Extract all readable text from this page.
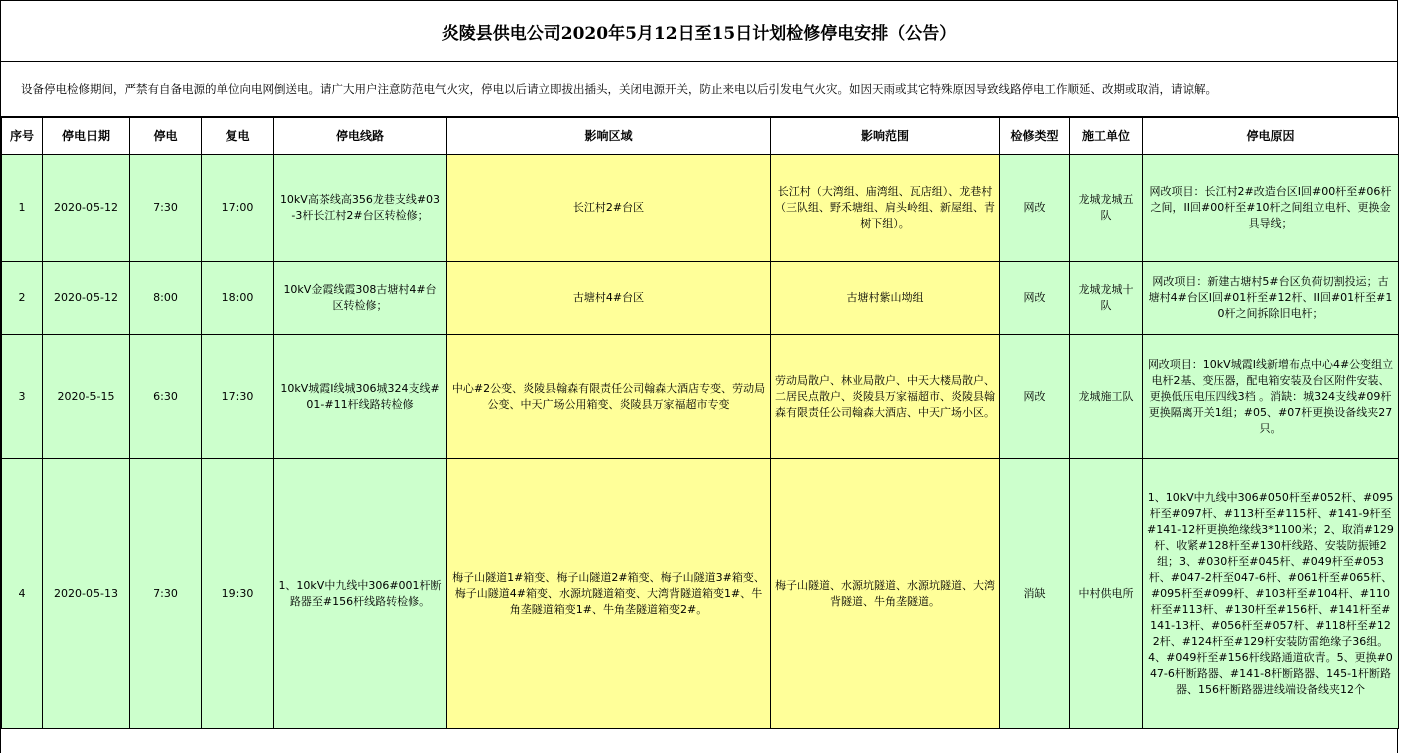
炎陵县供电公司2020年5月12日至15日计划检修停电安排（公告）
设备停电检修期间，严禁有自备电源的单位向电网倒送电。请广大用户注意防范电气火灾，停电以后请立即拔出插头，关闭电源开关，防止来电以后引发电气火灾。如因天雨或其它特殊原因导致线路停电工作顺延、改期或取消，请谅解。
序号	停电日期	停电	复电	停电线路	影响区域	影响范围	检修类型	施工单位	停电原因
1	2020-05-12	7:30	17:00	10kV高茶线高356龙巷支线#03-3杆长江村2#台区转检修；	长江村2#台区	长江村（大湾组、庙湾组、瓦店组）、龙巷村（三队组、野禾塘组、肩头岭组、新屋组、青树下组）。	网改	龙城龙城五队	网改项目：长江村2#改造台区I回#00杆至#06杆之间，II回#00杆至#10杆之间组立电杆、更换金具导线；
2	2020-05-12	8:00	18:00	10kV金霞线霞308古塘村4#台区转检修；	古塘村4#台区	古塘村紫山坳组	网改	龙城龙城十队	网改项目：新建古塘村5#台区负荷切割投运；古塘村4#台区I回#01杆至#12杆、II回#01杆至#10杆之间拆除旧电杆；
3	2020-5-15	6:30	17:30	10kV城霞I线城306城324支线#01-#11杆线路转检修	中心#2公变、炎陵县翰森有限责任公司翰森大酒店专变、劳动局公变、中天广场公用箱变、炎陵县万家福超市专变	劳动局散户、林业局散户、中天大楼局散户、二居民点散户、炎陵县万家福超市、炎陵县翰森有限责任公司翰森大酒店、中天广场小区。	网改	龙城施工队	网改项目：10kV城霞I线新增布点中心4#公变组立电杆2基、变压器，配电箱安装及台区附件安装、更换低压电压四线3档 。消缺：城324支线#09杆更换隔离开关1组；#05、#07杆更换设备线夹27只。
4	2020-05-13	7:30	19:30	1、10kV中九线中306#001杆断路器至#156杆线路转检修。	梅子山隧道1#箱变、梅子山隧道2#箱变、梅子山隧道3#箱变、梅子山隧道4#箱变、水源坑隧道箱变、大湾背隧道箱变1#、牛角垄隧道箱变1#、牛角垄隧道箱变2#。	梅子山隧道、水源坑隧道、水源坑隧道、大湾背隧道、牛角垄隧道。	消缺	中村供电所	1、10kV中九线中306#050杆至#052杆、#095杆至#097杆、#113杆至#115杆、#141-9杆至#141-12杆更换绝缘线3*1100米；2、取消#129杆、收紧#128杆至#130杆线路、安装防振锤2组；3、#030杆至#045杆、#049杆至#053杆、#047-2杆至047-6杆、#061杆至#065杆、#095杆至#099杆、#103杆至#104杆、#110杆至#113杆、#130杆至#156杆、#141杆至#141-13杆、#056杆至#057杆、#118杆至#122杆、#124杆至#129杆安装防雷绝缘子36组。4、#049杆至#156杆线路通道砍青。5、更换#047-6杆断路器、#141-8杆断路器、145-1杆断路器、156杆断路器进线端设备线夹12个
